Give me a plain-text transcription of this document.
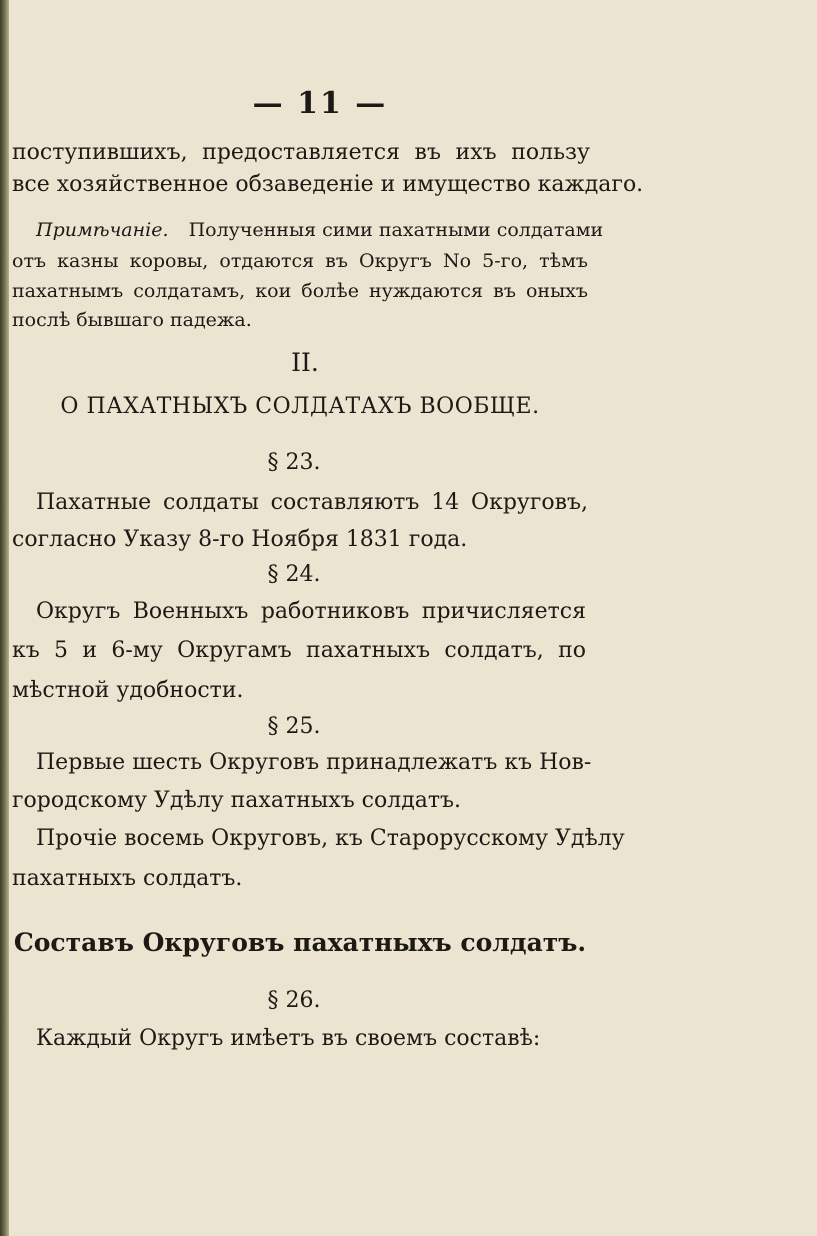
— 11 —
поступившихъ, предоставляется въ ихъ пользу
все хозяйственное обзаведеніе и имущество каждаго.
Примѣчаніе. Полученныя сими пахатными солдатами
отъ казны коровы, отдаются въ Округъ No 5-го, тѣмъ
пахатнымъ солдатамъ, кои болѣе нуждаются въ оныхъ
послѣ бывшаго падежа.
II.
О ПАХАТНЫХЪ СОЛДАТАХЪ ВООБЩЕ.
§ 23.
Пахатные солдаты составляютъ 14 Округовъ,
согласно Указу 8-го Ноября 1831 года.
§ 24.
Округъ Военныхъ работниковъ причисляется
къ 5 и 6-му Округамъ пахатныхъ солдатъ, по
мѣстной удобности.
§ 25.
Первые шесть Округовъ принадлежатъ къ Нов-
городскому Удѣлу пахатныхъ солдатъ.
Прочіе восемь Округовъ, къ Старорусскому Удѣлу
пахатныхъ солдатъ.
Составъ Округовъ пахатныхъ солдатъ.
§ 26.
Каждый Округъ имѣетъ въ своемъ составѣ:
